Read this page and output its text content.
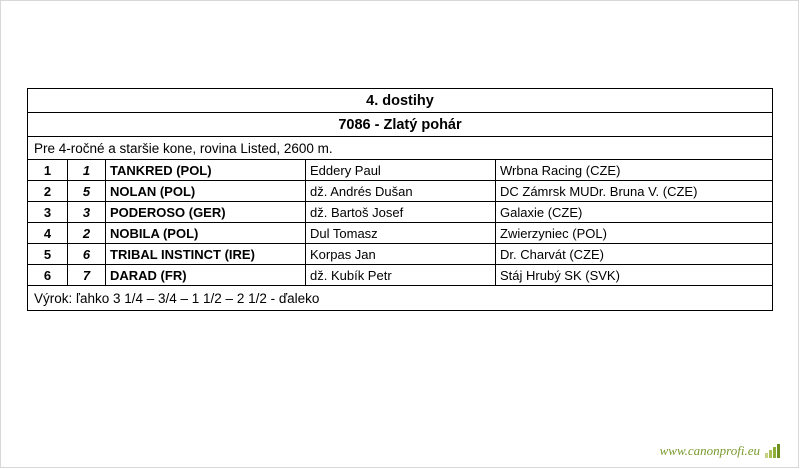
4. dostihy				
7086 - Zlatý pohár				
Pre 4-ročné a staršie kone, rovina Listed, 2600 m.				
1	1	TANKRED (POL)	Eddery Paul	Wrbna Racing (CZE)
2	5	NOLAN (POL)	dž. Andrés Dušan	DC Zámrsk MUDr. Bruna V. (CZE)
3	3	PODEROSO (GER)	dž. Bartoš Josef	Galaxie (CZE)
4	2	NOBILA (POL)	Dul Tomasz	Zwierzyniec (POL)
5	6	TRIBAL INSTINCT (IRE)	Korpas Jan	Dr. Charvát (CZE)
6	7	DARAD (FR)	dž. Kubík Petr	Stáj Hrubý SK (SVK)
Výrok: ľahko 3 1/4 – 3/4 – 1 1/2 – 2 1/2 - ďaleko				
www.canonprofi.eu
